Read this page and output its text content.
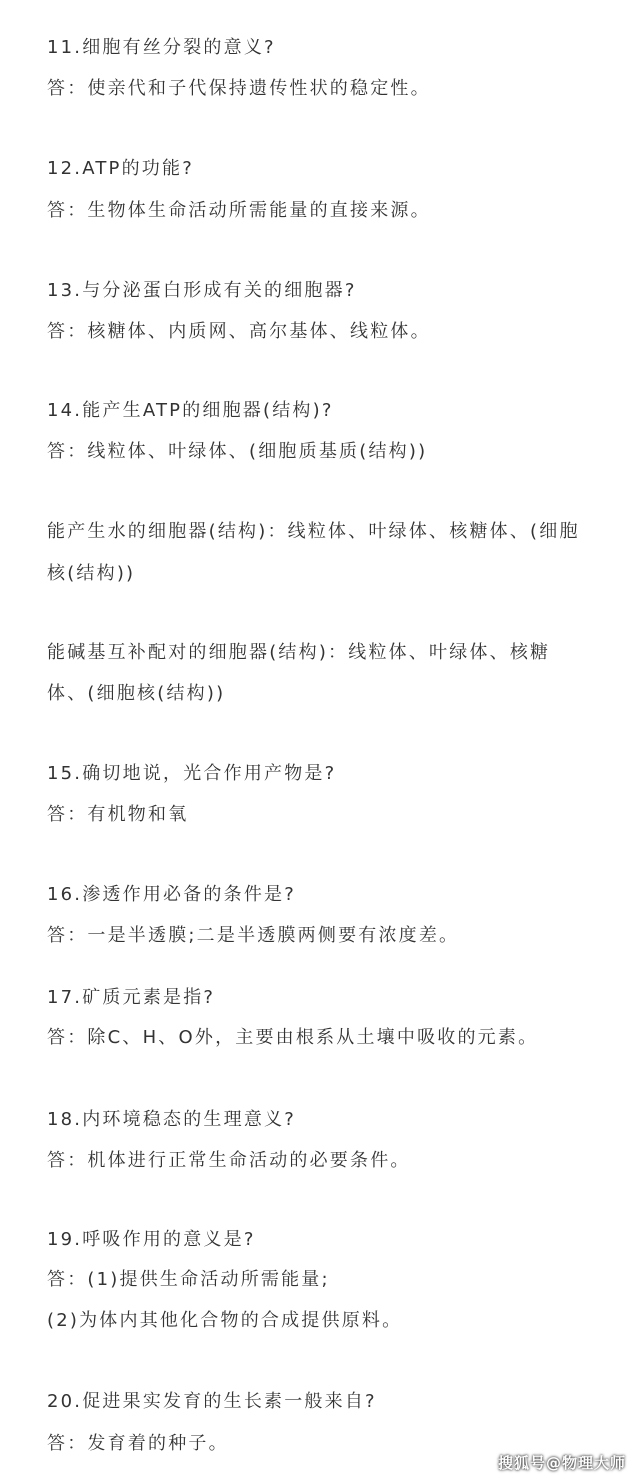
11.细胞有丝分裂的意义?
答：使亲代和子代保持遗传性状的稳定性。
12.ATP的功能?
答：生物体生命活动所需能量的直接来源。
13.与分泌蛋白形成有关的细胞器?
答：核糖体、内质网、高尔基体、线粒体。
14.能产生ATP的细胞器(结构)?
答：线粒体、叶绿体、(细胞质基质(结构))
能产生水的细胞器(结构)：线粒体、叶绿体、核糖体、(细胞
核(结构))
能碱基互补配对的细胞器(结构)：线粒体、叶绿体、核糖
体、(细胞核(结构))
15.确切地说，光合作用产物是?
答：有机物和氧
16.渗透作用必备的条件是?
答：一是半透膜;二是半透膜两侧要有浓度差。
17.矿质元素是指?
答：除C、H、O外，主要由根系从土壤中吸收的元素。
18.内环境稳态的生理意义?
答：机体进行正常生命活动的必要条件。
19.呼吸作用的意义是?
答：(1)提供生命活动所需能量;
(2)为体内其他化合物的合成提供原料。
20.促进果实发育的生长素一般来自?
答：发育着的种子。
搜狐号@物理大师
